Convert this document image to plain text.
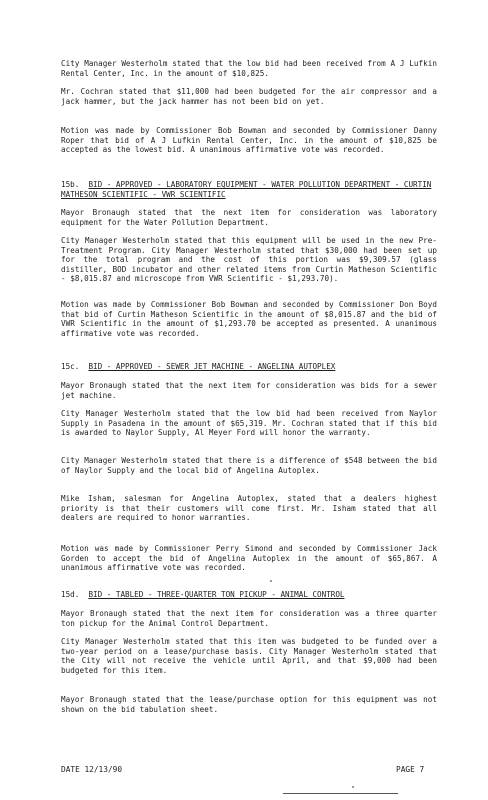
City Manager Westerholm stated that the low bid had been received from A J Lufkin Rental Center, Inc. in the amount of $10,825.
Mr. Cochran stated that $11,000 had been budgeted for the air compressor and a jack hammer, but the jack hammer has not been bid on yet.
Motion was made by Commissioner Bob Bowman and seconded by Commissioner Danny Roper that bid of A J Lufkin Rental Center, Inc. in the amount of $10,825 be accepted as the lowest bid. A unanimous affirmative vote was recorded.
15b. BID - APPROVED - LABORATORY EQUIPMENT - WATER POLLUTION DEPARTMENT - CURTIN MATHESON SCIENTIFIC - VWR SCIENTIFIC
Mayor Bronaugh stated that the next item for consideration was laboratory equipment for the Water Pollution Department.
City Manager Westerholm stated that this equipment will be used in the new Pre-Treatment Program. City Manager Westerholm stated that $30,000 had been set up for the total program and the cost of this portion was $9,309.57 (glass distiller, BOD incubator and other related items from Curtin Matheson Scientific - $8,015.87 and microscope from VWR Scientific - $1,293.70).
Motion was made by Commissioner Bob Bowman and seconded by Commissioner Don Boyd that bid of Curtin Matheson Scientific in the amount of $8,015.87 and the bid of VWR Scientific in the amount of $1,293.70 be accepted as presented. A unanimous affirmative vote was recorded.
15c. BID - APPROVED - SEWER JET MACHINE - ANGELINA AUTOPLEX
Mayor Bronaugh stated that the next item for consideration was bids for a sewer jet machine.
City Manager Westerholm stated that the low bid had been received from Naylor Supply in Pasadena in the amount of $65,319. Mr. Cochran stated that if this bid is awarded to Naylor Supply, Al Meyer Ford will honor the warranty.
City Manager Westerholm stated that there is a difference of $548 between the bid of Naylor Supply and the local bid of Angelina Autoplex.
Mike Isham, salesman for Angelina Autoplex, stated that a dealers highest priority is that their customers will come first. Mr. Isham stated that all dealers are required to honor warranties.
Motion was made by Commissioner Perry Simond and seconded by Commissioner Jack Gorden to accept the bid of Angelina Autoplex in the amount of $65,867. A unanimous affirmative vote was recorded.
15d. BID - TABLED - THREE-QUARTER TON PICKUP - ANIMAL CONTROL
Mayor Bronaugh stated that the next item for consideration was a three quarter ton pickup for the Animal Control Department.
City Manager Westerholm stated that this item was budgeted to be funded over a two-year period on a lease/purchase basis. City Manager Westerholm stated that the City will not receive the vehicle until April, and that $9,000 had been budgeted for this item.
Mayor Bronaugh stated that the lease/purchase option for this equipment was not shown on the bid tabulation sheet.
DATE 12/13/90	PAGE 7
